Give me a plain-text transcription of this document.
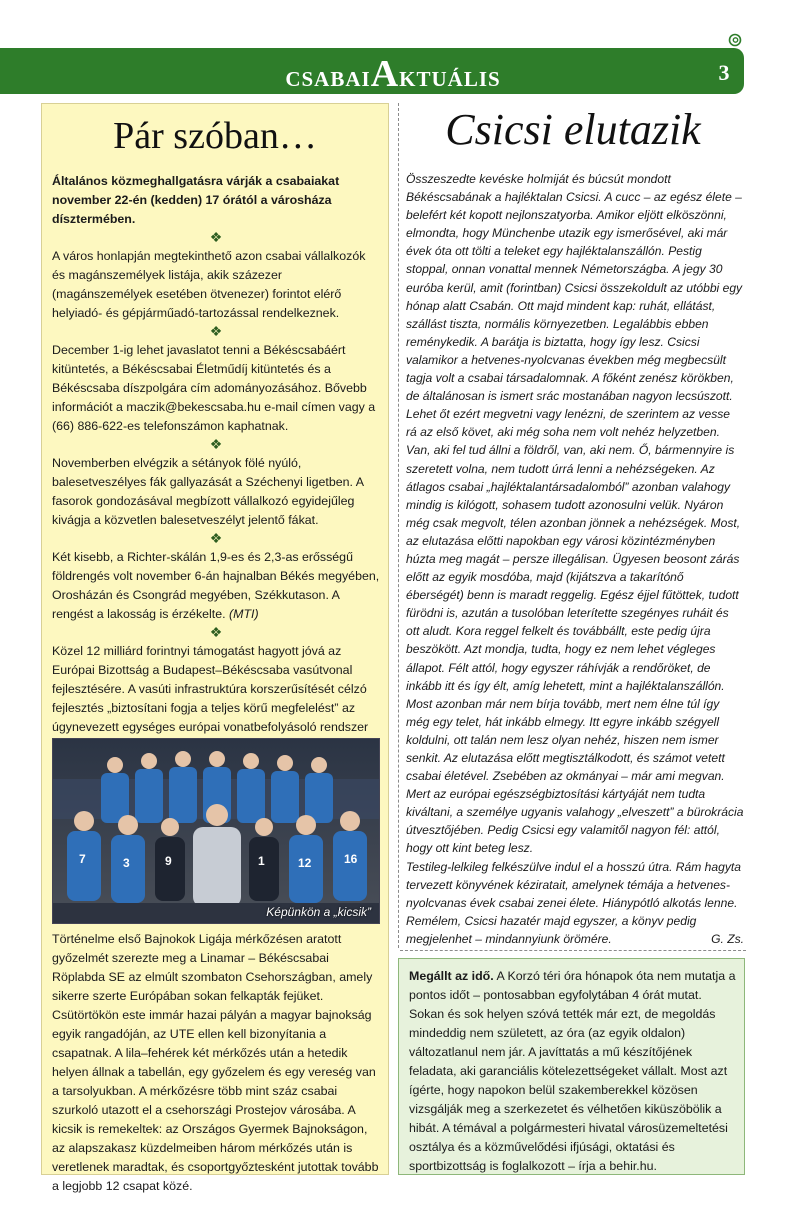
csabaiAktuális	3
Pár szóban…

Általános közmeghallgatásra várják a csabaiakat november 22-én (kedden) 17 órától a városháza dísztermében.

❖

A város honlapján megtekinthető azon csabai vállalkozók és magánszemélyek listája, akik százezer (magánszemélyek esetében ötvenezer) forintot elérő helyiadó- és gépjárműadó-tartozással rendelkeznek.

❖

December 1-ig lehet javaslatot tenni a Békéscsabáért kitüntetés, a Békéscsabai Életműdíj kitüntetés és a Békéscsaba díszpolgára cím adományozásához. Bővebb információt a maczik@bekescsaba.hu e-mail címen vagy a (66) 886-622-es telefonszámon kaphatnak.

❖

Novemberben elvégzik a sétányok fölé nyúló, balesetveszélyes fák gallyazását a Széchenyi ligetben. A fasorok gondozásával megbízott vállalkozó egyidejűleg kivágja a közvetlen balesetveszélyt jelentő fákat.

❖

Két kisebb, a Richter-skálán 1,9-es és 2,3-as erősségű földrengés volt november 6-án hajnalban Békés megyében, Orosházán és Csongrád megyében, Székkutason. A rengést a lakosság is érzékelte. (MTI)

❖

Közel 12 milliárd forintnyi támogatást hagyott jóvá az Európai Bizottság a Budapest–Békéscsaba vasútvonal fejlesztésére. A vasúti infrastruktúra korszerűsítését célzó fejlesztés „biztosítani fogja a teljes körű megfelelést” az úgynevezett egységes európai vonatbefolyásoló rendszer

7	3	9	1	12	16
Képünkön a „kicsik”
Történelme első Bajnokok Ligája mérkőzésen aratott győzelmét szerezte meg a Linamar – Békéscsabai Röplabda SE az elmúlt szombaton Csehországban, amely sikerre szerte Európában sokan felkapták fejüket. Csütörtökön este immár hazai pályán a magyar bajnokság egyik rangadóján, az UTE ellen kell bizonyítania a csapatnak. A lila–fehérek két mérkőzés után a hetedik helyen állnak a tabellán, egy győzelem és egy vereség van a tarsolyukban. A mérkőzésre több mint száz csabai szurkoló utazott el a csehországi Prostejov városába. A kicsik is remekeltek: az Országos Gyermek Bajnokságon, az alapszakasz küzdelmeiben három mérkőzés után is veretlenek maradtak, és csoportgyőztesként jutottak tovább a legjobb 12 csapat közé.
Csicsi elutazik
Összeszedte kevéske holmiját és búcsút mondott Békéscsabának a hajléktalan Csicsi. A cucc – az egész élete – belefért két kopott nejlonszatyorba. Amikor eljött elköszönni, elmondta, hogy Münchenbe utazik egy ismerősével, aki már évek óta ott tölti a teleket egy hajléktalanszállón. Pestig stoppal, onnan vonattal mennek Németországba. A jegy 30 euróba kerül, amit (forintban) Csicsi összekoldult az utóbbi egy hónap alatt Csabán. Ott majd mindent kap: ruhát, ellátást, szállást tiszta, normális környezetben. Legalábbis ebben reménykedik. A barátja is biztatta, hogy így lesz. Csicsi valamikor a hetvenes-nyolcvanas években még megbecsült tagja volt a csabai társadalomnak. A főként zenész körökben, de általánosan is ismert srác mostanában nagyon lecsúszott. Lehet őt ezért megvetni vagy lenézni, de szerintem az vesse rá az első követ, aki még soha nem volt nehéz helyzetben. Van, aki fel tud állni a földről, van, aki nem. Ő, bármennyire is szeretett volna, nem tudott úrrá lenni a nehézségeken. Az átlagos csabai „hajléktalantársadalomból” azonban valahogy mindig is kilógott, sohasem tudott azonosulni velük. Nyáron még csak megvolt, télen azonban jönnek a nehézségek. Most, az elutazása előtti napokban egy városi közintézményben húzta meg magát – persze illegálisan. Ügyesen beosont zárás előtt az egyik mosdóba, majd (kijátszva a takarítónő éberségét) benn is maradt reggelig. Egész éjjel fűtöttek, tudott fürödni is, azután a tusolóban leterítette szegényes ruháit és ott aludt. Kora reggel felkelt és továbbállt, este pedig újra beszökött. Azt mondja, tudta, hogy ez nem lehet végleges állapot. Félt attól, hogy egyszer ráhívják a rendőröket, de inkább itt és így élt, amíg lehetett, mint a hajléktalanszállón. Most azonban már nem bírja tovább, mert nem élne túl így még egy telet, hát inkább elmegy. Itt egyre inkább szégyell koldulni, ott talán nem lesz olyan nehéz, hiszen nem ismer senkit. Az elutazása előtt megtisztálkodott, és számot vetett csabai életével. Zsebében az okmányai – már ami megvan. Mert az európai egészségbiztosítási kártyáját nem tudta kiváltani, a személye ugyanis valahogy „elveszett” a bürokrácia útvesztőjében. Pedig Csicsi egy valamitől nagyon fél: attól, hogy ott kint beteg lesz.
Testileg-lelkileg felkészülve indul el a hosszú útra. Rám hagyta tervezett könyvének kéziratait, amelynek témája a hetvenes-nyolcvanas évek csabai zenei élete. Hiánypótló alkotás lenne. Remélem, Csicsi hazatér majd egyszer, a könyv pedig megjelenhet – mindannyiunk örömére.	G. Zs.
Megállt az idő. A Korzó téri óra hónapok óta nem mutatja a pontos időt – pontosabban egyfolytában 4 órát mutat. Sokan és sok helyen szóvá tették már ezt, de megoldás mindeddig nem született, az óra (az egyik oldalon) változatlanul nem jár. A javíttatás a mű készítőjének feladata, aki garanciális kötelezettségeket vállalt. Most azt ígérte, hogy napokon belül szakemberekkel közösen vizsgálják meg a szerkezetet és vélhetően kiküszöbölik a hibát. A témával a polgármesteri hivatal városüzemeltetési osztálya és a közművelődési ifjúsági, oktatási és sportbizottság is foglalkozott – írja a behir.hu.
